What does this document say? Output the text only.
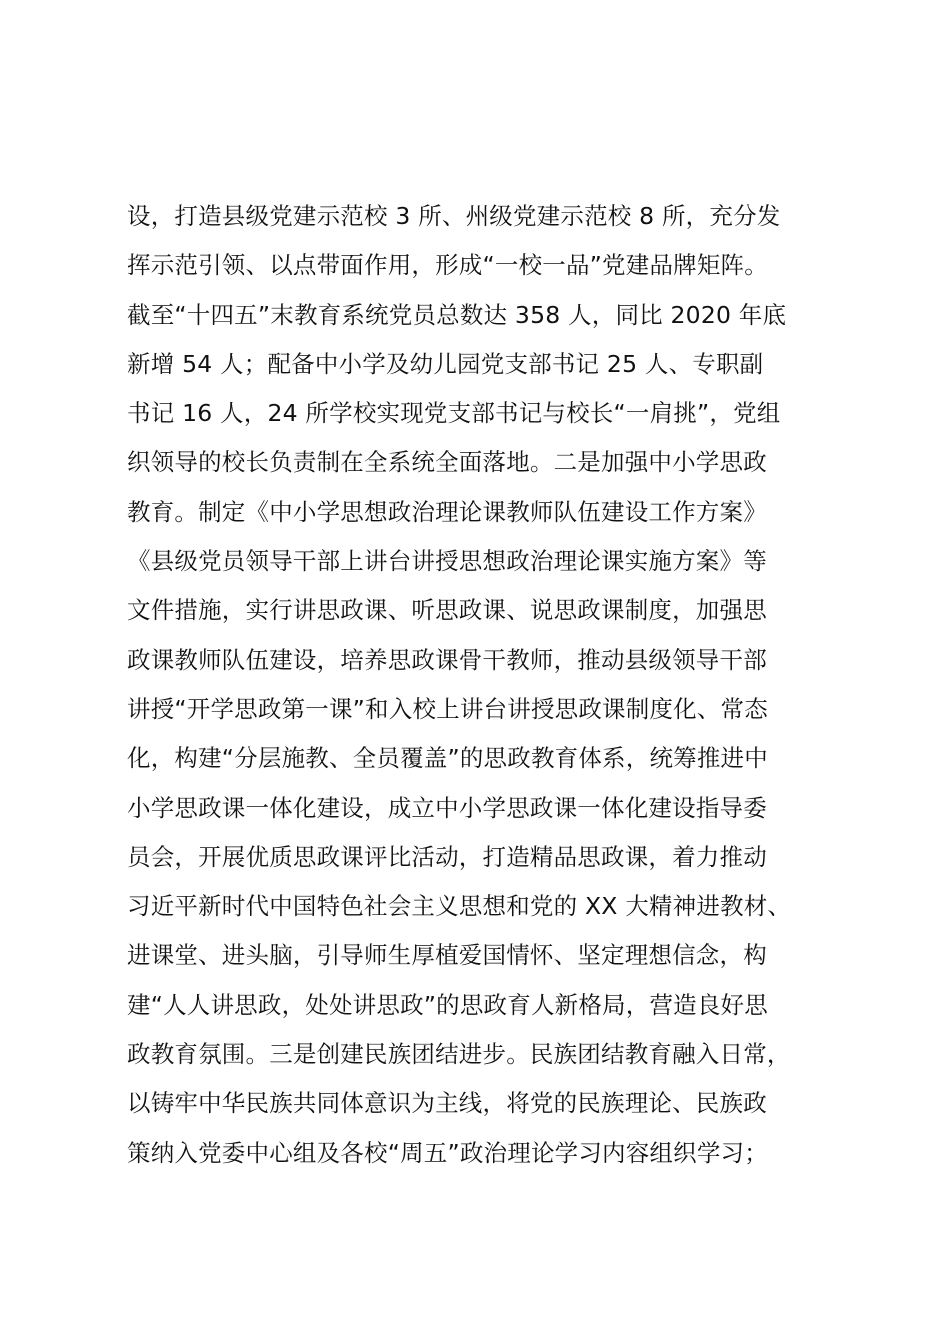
设，打造县级党建示范校 3 所、州级党建示范校 8 所，充分发
挥示范引领、以点带面作用，形成“一校一品”党建品牌矩阵。
截至“十四五”末教育系统党员总数达 358 人，同比 2020 年底
新增 54 人；配备中小学及幼儿园党支部书记 25 人、专职副
书记 16 人，24 所学校实现党支部书记与校长“一肩挑”，党组
织领导的校长负责制在全系统全面落地。二是加强中小学思政
教育。制定《中小学思想政治理论课教师队伍建设工作方案》
《县级党员领导干部上讲台讲授思想政治理论课实施方案》等
文件措施，实行讲思政课、听思政课、说思政课制度，加强思
政课教师队伍建设，培养思政课骨干教师，推动县级领导干部
讲授“开学思政第一课”和入校上讲台讲授思政课制度化、常态
化，构建“分层施教、全员覆盖”的思政教育体系，统筹推进中
小学思政课一体化建设，成立中小学思政课一体化建设指导委
员会，开展优质思政课评比活动，打造精品思政课，着力推动
习近平新时代中国特色社会主义思想和党的 XX 大精神进教材、
进课堂、进头脑，引导师生厚植爱国情怀、坚定理想信念，构
建“人人讲思政，处处讲思政”的思政育人新格局，营造良好思
政教育氛围。三是创建民族团结进步。民族团结教育融入日常，
以铸牢中华民族共同体意识为主线，将党的民族理论、民族政
策纳入党委中心组及各校“周五”政治理论学习内容组织学习；
